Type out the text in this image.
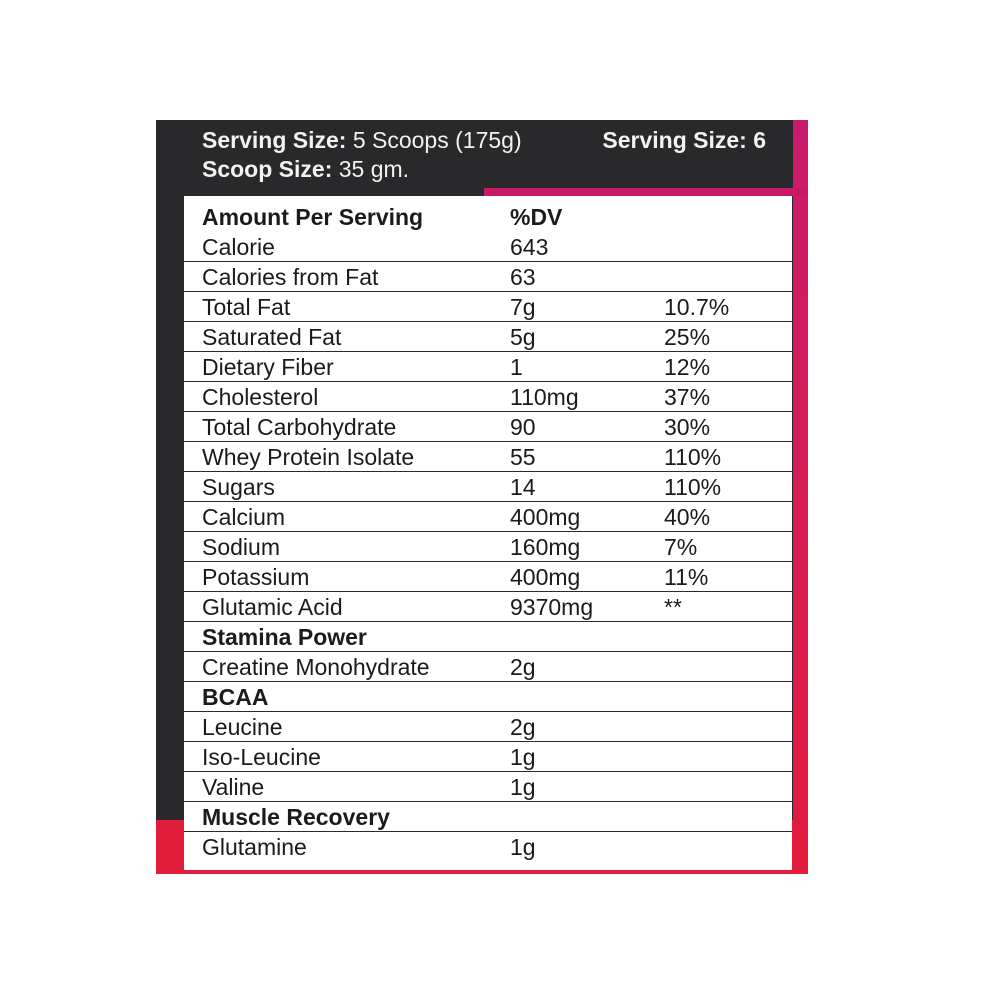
Serving Size: 5 Scoops (175g)	Serving Size: 6
Scoop Size: 35 gm.
Amount Per Serving	%DV
Calorie	643
Calories from Fat	63
Total Fat	7g	10.7%
Saturated Fat	5g	25%
Dietary Fiber	1	12%
Cholesterol	110mg	37%
Total Carbohydrate	90	30%
Whey Protein Isolate	55	110%
Sugars	14	110%
Calcium	400mg	40%
Sodium	160mg	7%
Potassium	400mg	11%
Glutamic Acid	9370mg	**
Stamina Power
Creatine Monohydrate	2g
BCAA
Leucine	2g
Iso-Leucine	1g
Valine	1g
Muscle Recovery
Glutamine	1g
